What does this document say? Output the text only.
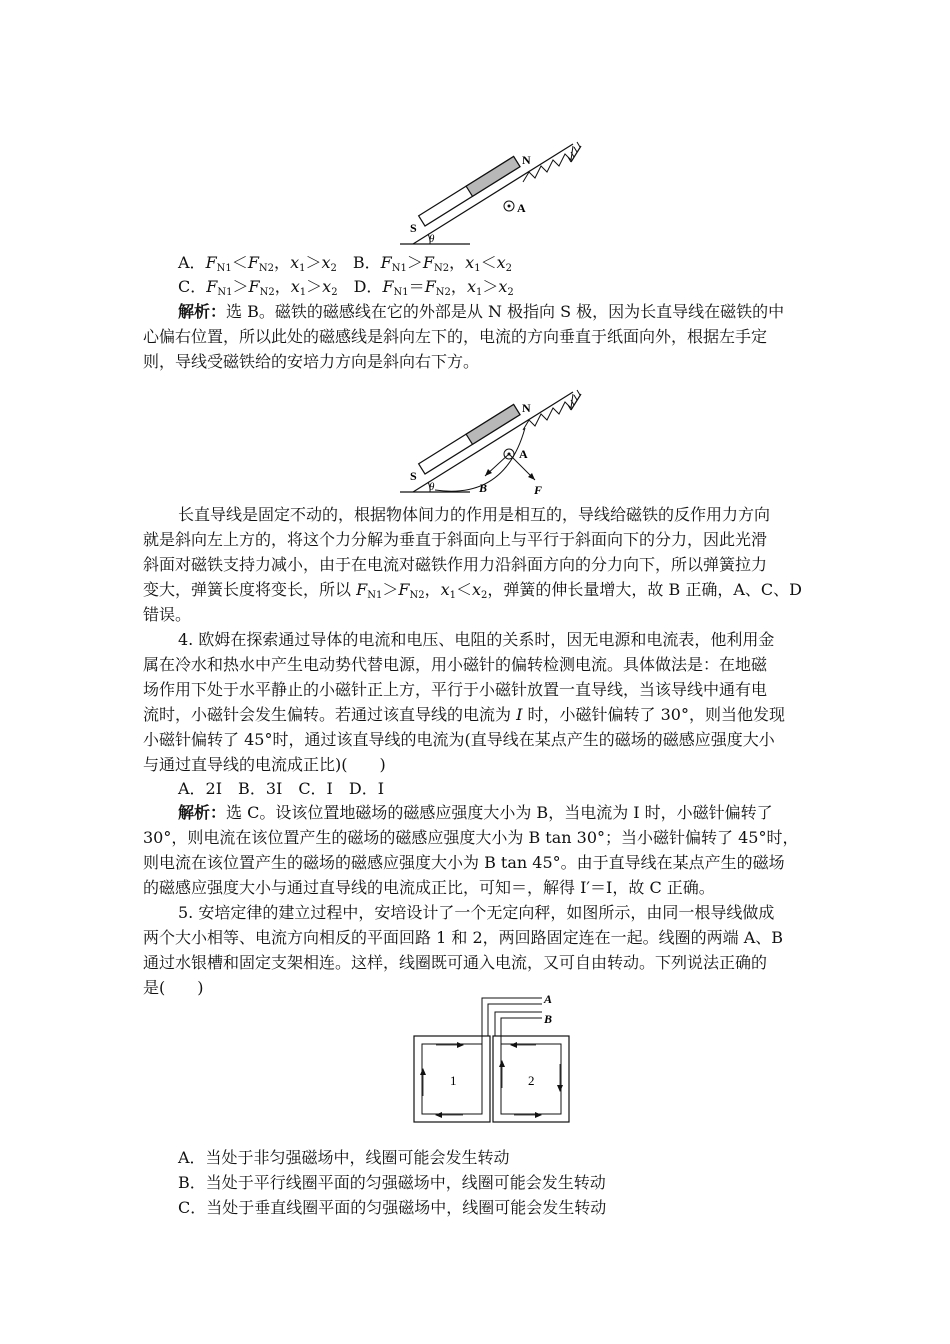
N
S
A
θ
A．$F_{N1}<F_{N2}$，$x_1>x_2$　 B．$F_{N1}>F_{N2}$，$x_1<x_2$
C．$F_{N1}>F_{N2}$，$x_1>x_2$　 D．$F_{N1}=F_{N2}$，$x_1>x_2$
解析：选 B。磁铁的磁感线在它的外部是从 N 极指向 S 极，因为长直导线在磁铁的中
心偏右位置，所以此处的磁感线是斜向左下的，电流的方向垂直于纸面向外，根据左手定
则，导线受磁铁给的安培力方向是斜向右下方。
N
S
A
θ	B	F
长直导线是固定不动的，根据物体间力的作用是相互的，导线给磁铁的反作用力方向
就是斜向左上方的，将这个力分解为垂直于斜面向上与平行于斜面向下的分力，因此光滑
斜面对磁铁支持力减小，由于在电流对磁铁作用力沿斜面方向的分力向下，所以弹簧拉力
变大，弹簧长度将变长，所以 $F_{N1}>F_{N2}$，$x_1<x_2$，弹簧的伸长量增大，故 B 正确，A、C、D
错误。
4. 欧姆在探索通过导体的电流和电压、电阻的关系时，因无电源和电流表，他利用金
属在冷水和热水中产生电动势代替电源，用小磁针的偏转检测电流。具体做法是：在地磁
场作用下处于水平静止的小磁针正上方，平行于小磁针放置一直导线，当该导线中通有电
流时，小磁针会发生偏转。若通过该直导线的电流为 I 时，小磁针偏转了 30°，则当他发现
小磁针偏转了 45°时，通过该直导线的电流为(直导线在某点产生的磁场的磁感应强度大小
与通过直导线的电流成正比)(　　)
A．2I　B．3I　C．I　D．I
解析：选 C。设该位置地磁场的磁感应强度大小为 B，当电流为 I 时，小磁针偏转了
30°，则电流在该位置产生的磁场的磁感应强度大小为 B tan 30°；当小磁针偏转了 45°时，
则电流在该位置产生的磁场的磁感应强度大小为 B tan 45°。由于直导线在某点产生的磁场
的磁感应强度大小与通过直导线的电流成正比，可知＝，解得 I′＝I，故 C 正确。
5. 安培定律的建立过程中，安培设计了一个无定向秤，如图所示，由同一根导线做成
两个大小相等、电流方向相反的平面回路 1 和 2，两回路固定连在一起。线圈的两端 A、B
通过水银槽和固定支架相连。这样，线圈既可通入电流，又可自由转动。下列说法正确的
是(　　)
A
B
1	2
A．当处于非匀强磁场中，线圈可能会发生转动
B．当处于平行线圈平面的匀强磁场中，线圈可能会发生转动
C．当处于垂直线圈平面的匀强磁场中，线圈可能会发生转动
